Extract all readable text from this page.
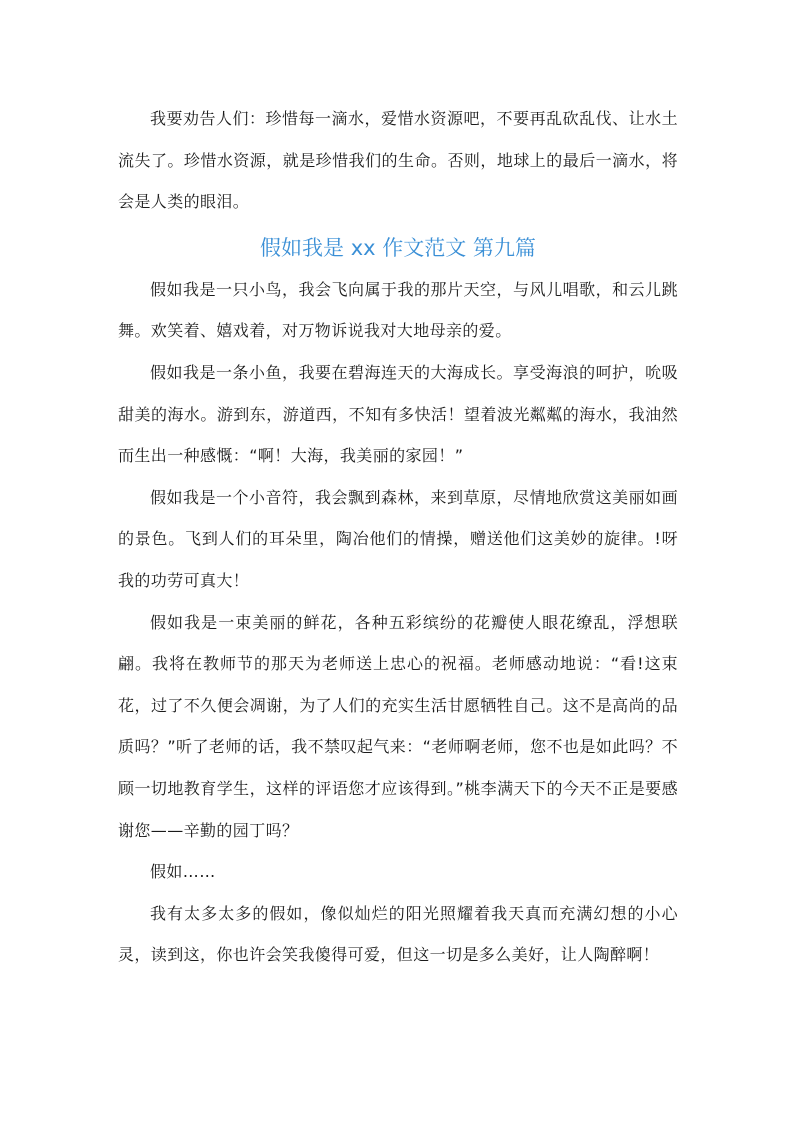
我要劝告人们：珍惜每一滴水，爱惜水资源吧，不要再乱砍乱伐、让水土流失了。珍惜水资源，就是珍惜我们的生命。否则，地球上的最后一滴水，将会是人类的眼泪。

假如我是 xx 作文范文 第九篇

假如我是一只小鸟，我会飞向属于我的那片天空，与风儿唱歌，和云儿跳舞。欢笑着、嬉戏着，对万物诉说我对大地母亲的爱。

假如我是一条小鱼，我要在碧海连天的大海成长。享受海浪的呵护，吮吸甜美的海水。游到东，游道西，不知有多快活！望着波光粼粼的海水，我油然而生出一种感慨：“啊！大海，我美丽的家园！”

假如我是一个小音符，我会飘到森林，来到草原，尽情地欣赏这美丽如画的景色。飞到人们的耳朵里，陶冶他们的情操，赠送他们这美妙的旋律。!呀我的功劳可真大！

假如我是一束美丽的鲜花，各种五彩缤纷的花瓣使人眼花缭乱，浮想联翩。我将在教师节的那天为老师送上忠心的祝福。老师感动地说：“看!这束花，过了不久便会凋谢，为了人们的充实生活甘愿牺牲自己。这不是高尚的品质吗？”听了老师的话，我不禁叹起气来：“老师啊老师，您不也是如此吗？不顾一切地教育学生，这样的评语您才应该得到。”桃李满天下的今天不正是要感谢您——辛勤的园丁吗？

假如……

我有太多太多的假如，像似灿烂的阳光照耀着我天真而充满幻想的小心灵，读到这，你也许会笑我傻得可爱，但这一切是多么美好，让人陶醉啊！
